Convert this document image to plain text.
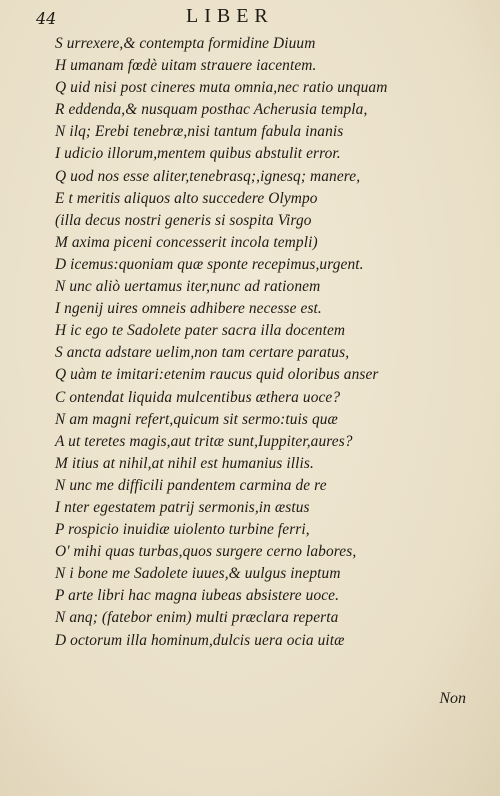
44	LIBER
S urrexere,& contempta formidine Diuum
H umanam fœdè uitam strauere iacentem.
Q uid nisi post cineres muta omnia,nec ratio unquam
R eddenda,& nusquam posthac Acherusia templa,
N ilq; Erebi tenebræ,nisi tantum fabula inanis
I udicio illorum,mentem quibus abstulit error.
Q uod nos esse aliter,tenebrasq;,ignesq; manere,
E t meritis aliquos alto succedere Olympo
(illa decus nostri generis si sospita Virgo
M axima piceni concesserit incola templi)
D icemus:quoniam quæ sponte recepimus,urgent.
N unc aliò uertamus iter,nunc ad rationem
I ngenij uires omneis adhibere necesse est.
H ic ego te Sadolete pater sacra illa docentem
S ancta adstare uelim,non tam certare paratus,
Q uàm te imitari:etenim raucus quid oloribus anser
C ontendat liquida mulcentibus æthera uoce?
N am magni refert,quicum sit sermo:tuis quæ
A ut teretes magis,aut tritæ sunt,Iuppiter,aures?
M itius at nihil,at nihil est humanius illis.
N unc me difficili pandentem carmina de re
I nter egestatem patrij sermonis,in æstus
P rospicio inuidiæ uiolento turbine ferri,
O' mihi quas turbas,quos surgere cerno labores,
N i bone me Sadolete iuues,& uulgus ineptum
P arte libri hac magna iubeas absistere uoce.
N anq; (fatebor enim) multi præclara reperta
D octorum illa hominum,dulcis uera ocia uitæ
Non
